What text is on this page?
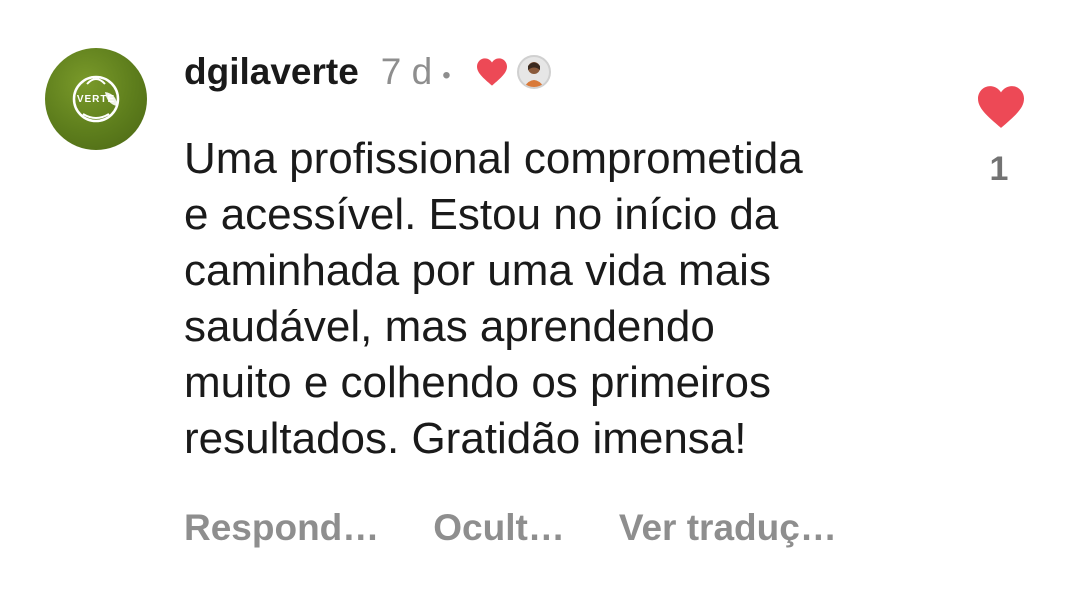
VERTE
dgilaverte 7 d •

Uma profissional comprometida
e acessível. Estou no início da
caminhada por uma vida mais
saudável, mas aprendendo
muito e colhendo os primeiros
resultados. Gratidão imensa!

Respond… Ocult… Ver traduç…
1
